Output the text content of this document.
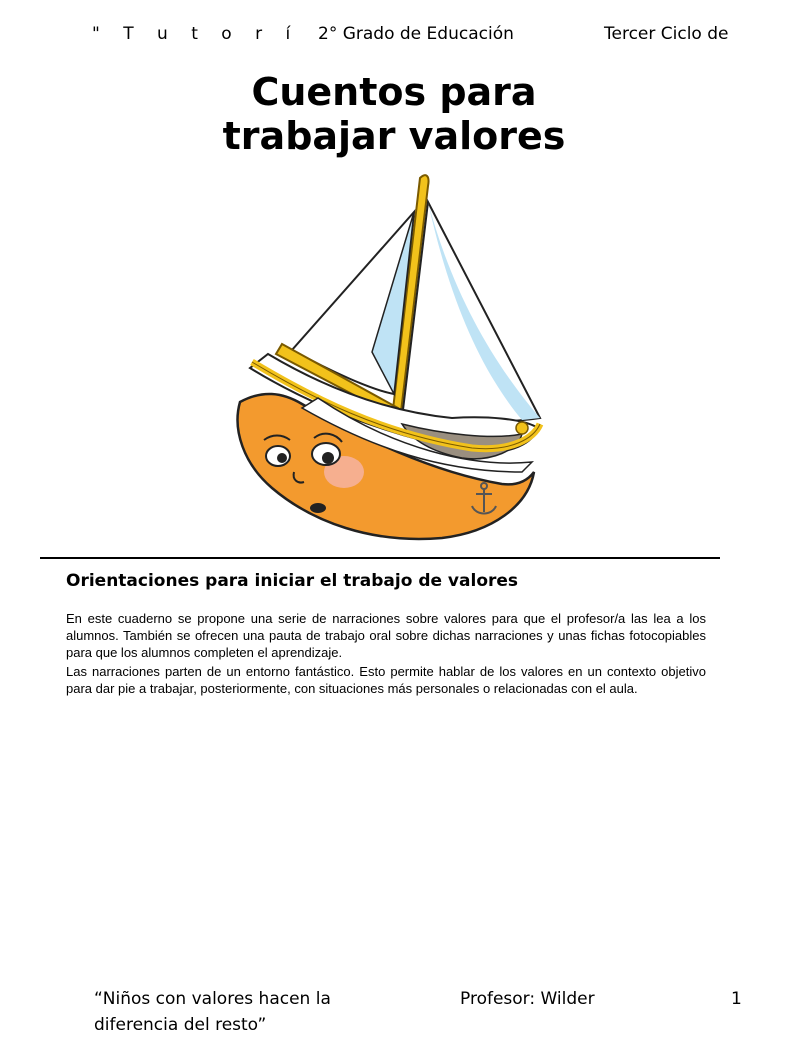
" T u t o r í 2° Grado de Educación	Tercer Ciclo de
Cuentos para
trabajar valores
Orientaciones para iniciar el trabajo de valores

En este cuaderno se propone una serie de narraciones sobre valores para que el profesor/a las lea a los alumnos. También se ofrecen una pauta de trabajo oral sobre dichas narraciones y unas fichas fotocopiables para que los alumnos completen el aprendizaje.

Las narraciones parten de un entorno fantástico. Esto permite hablar de los valores en un contexto objetivo para dar pie a trabajar, posteriormente, con situaciones más personales o relacionadas con el aula.

“Niños con valores hacen la diferencia del resto”
Profesor: Wilder	1
